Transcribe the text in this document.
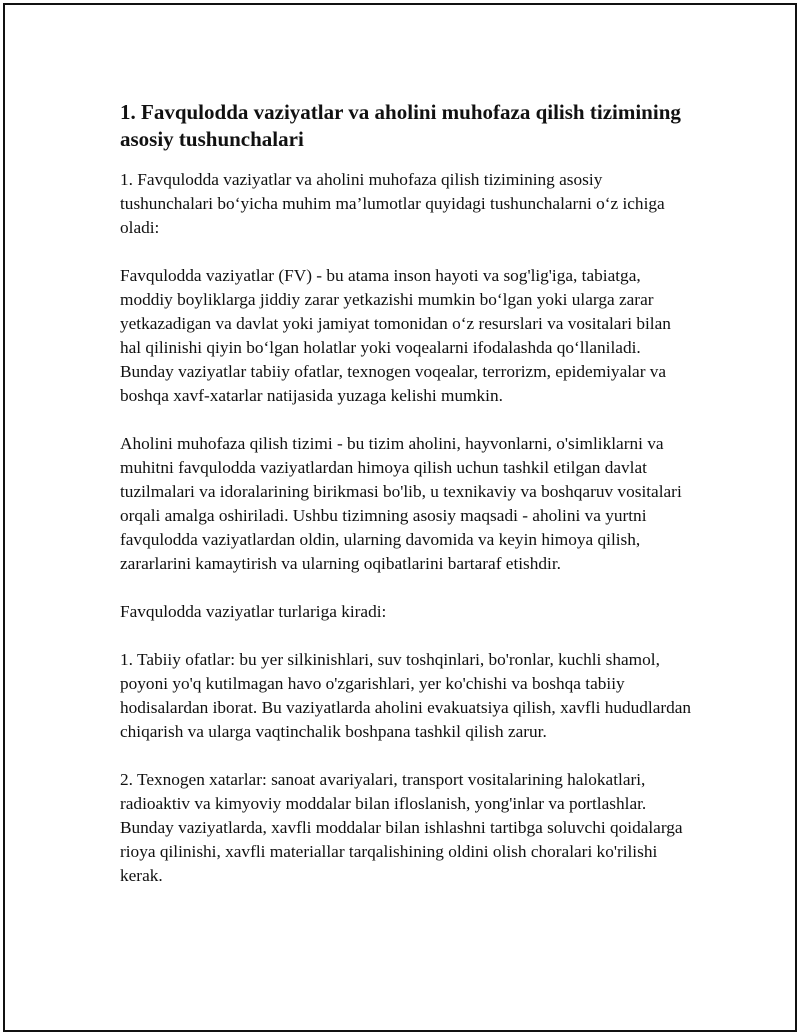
1. Favqulodda vaziyatlar va aholini muhofaza qilish tizimining asosiy tushunchalari

1. Favqulodda vaziyatlar va aholini muhofaza qilish tizimining asosiy tushunchalari bo‘yicha muhim ma’lumotlar quyidagi tushunchalarni o‘z ichiga oladi:

Favqulodda vaziyatlar (FV) - bu atama inson hayoti va sog'lig'iga, tabiatga, moddiy boyliklarga jiddiy zarar yetkazishi mumkin bo‘lgan yoki ularga zarar yetkazadigan va davlat yoki jamiyat tomonidan o‘z resurslari va vositalari bilan hal qilinishi qiyin bo‘lgan holatlar yoki voqealarni ifodalashda qo‘llaniladi. Bunday vaziyatlar tabiiy ofatlar, texnogen voqealar, terrorizm, epidemiyalar va boshqa xavf-xatarlar natijasida yuzaga kelishi mumkin.

Aholini muhofaza qilish tizimi - bu tizim aholini, hayvonlarni, o'simliklarni va muhitni favqulodda vaziyatlardan himoya qilish uchun tashkil etilgan davlat tuzilmalari va idoralarining birikmasi bo'lib, u texnikaviy va boshqaruv vositalari orqali amalga oshiriladi. Ushbu tizimning asosiy maqsadi - aholini va yurtni favqulodda vaziyatlardan oldin, ularning davomida va keyin himoya qilish, zararlarini kamaytirish va ularning oqibatlarini bartaraf etishdir.

Favqulodda vaziyatlar turlariga kiradi:

1. Tabiiy ofatlar: bu yer silkinishlari, suv toshqinlari, bo'ronlar, kuchli shamol, poyoni yo'q kutilmagan havo o'zgarishlari, yer ko'chishi va boshqa tabiiy hodisalardan iborat. Bu vaziyatlarda aholini evakuatsiya qilish, xavfli hududlardan chiqarish va ularga vaqtinchalik boshpana tashkil qilish zarur.

2. Texnogen xatarlar: sanoat avariyalari, transport vositalarining halokatlari, radioaktiv va kimyoviy moddalar bilan ifloslanish, yong'inlar va portlashlar. Bunday vaziyatlarda, xavfli moddalar bilan ishlashni tartibga soluvchi qoidalarga rioya qilinishi, xavfli materiallar tarqalishining oldini olish choralari ko'rilishi kerak.
